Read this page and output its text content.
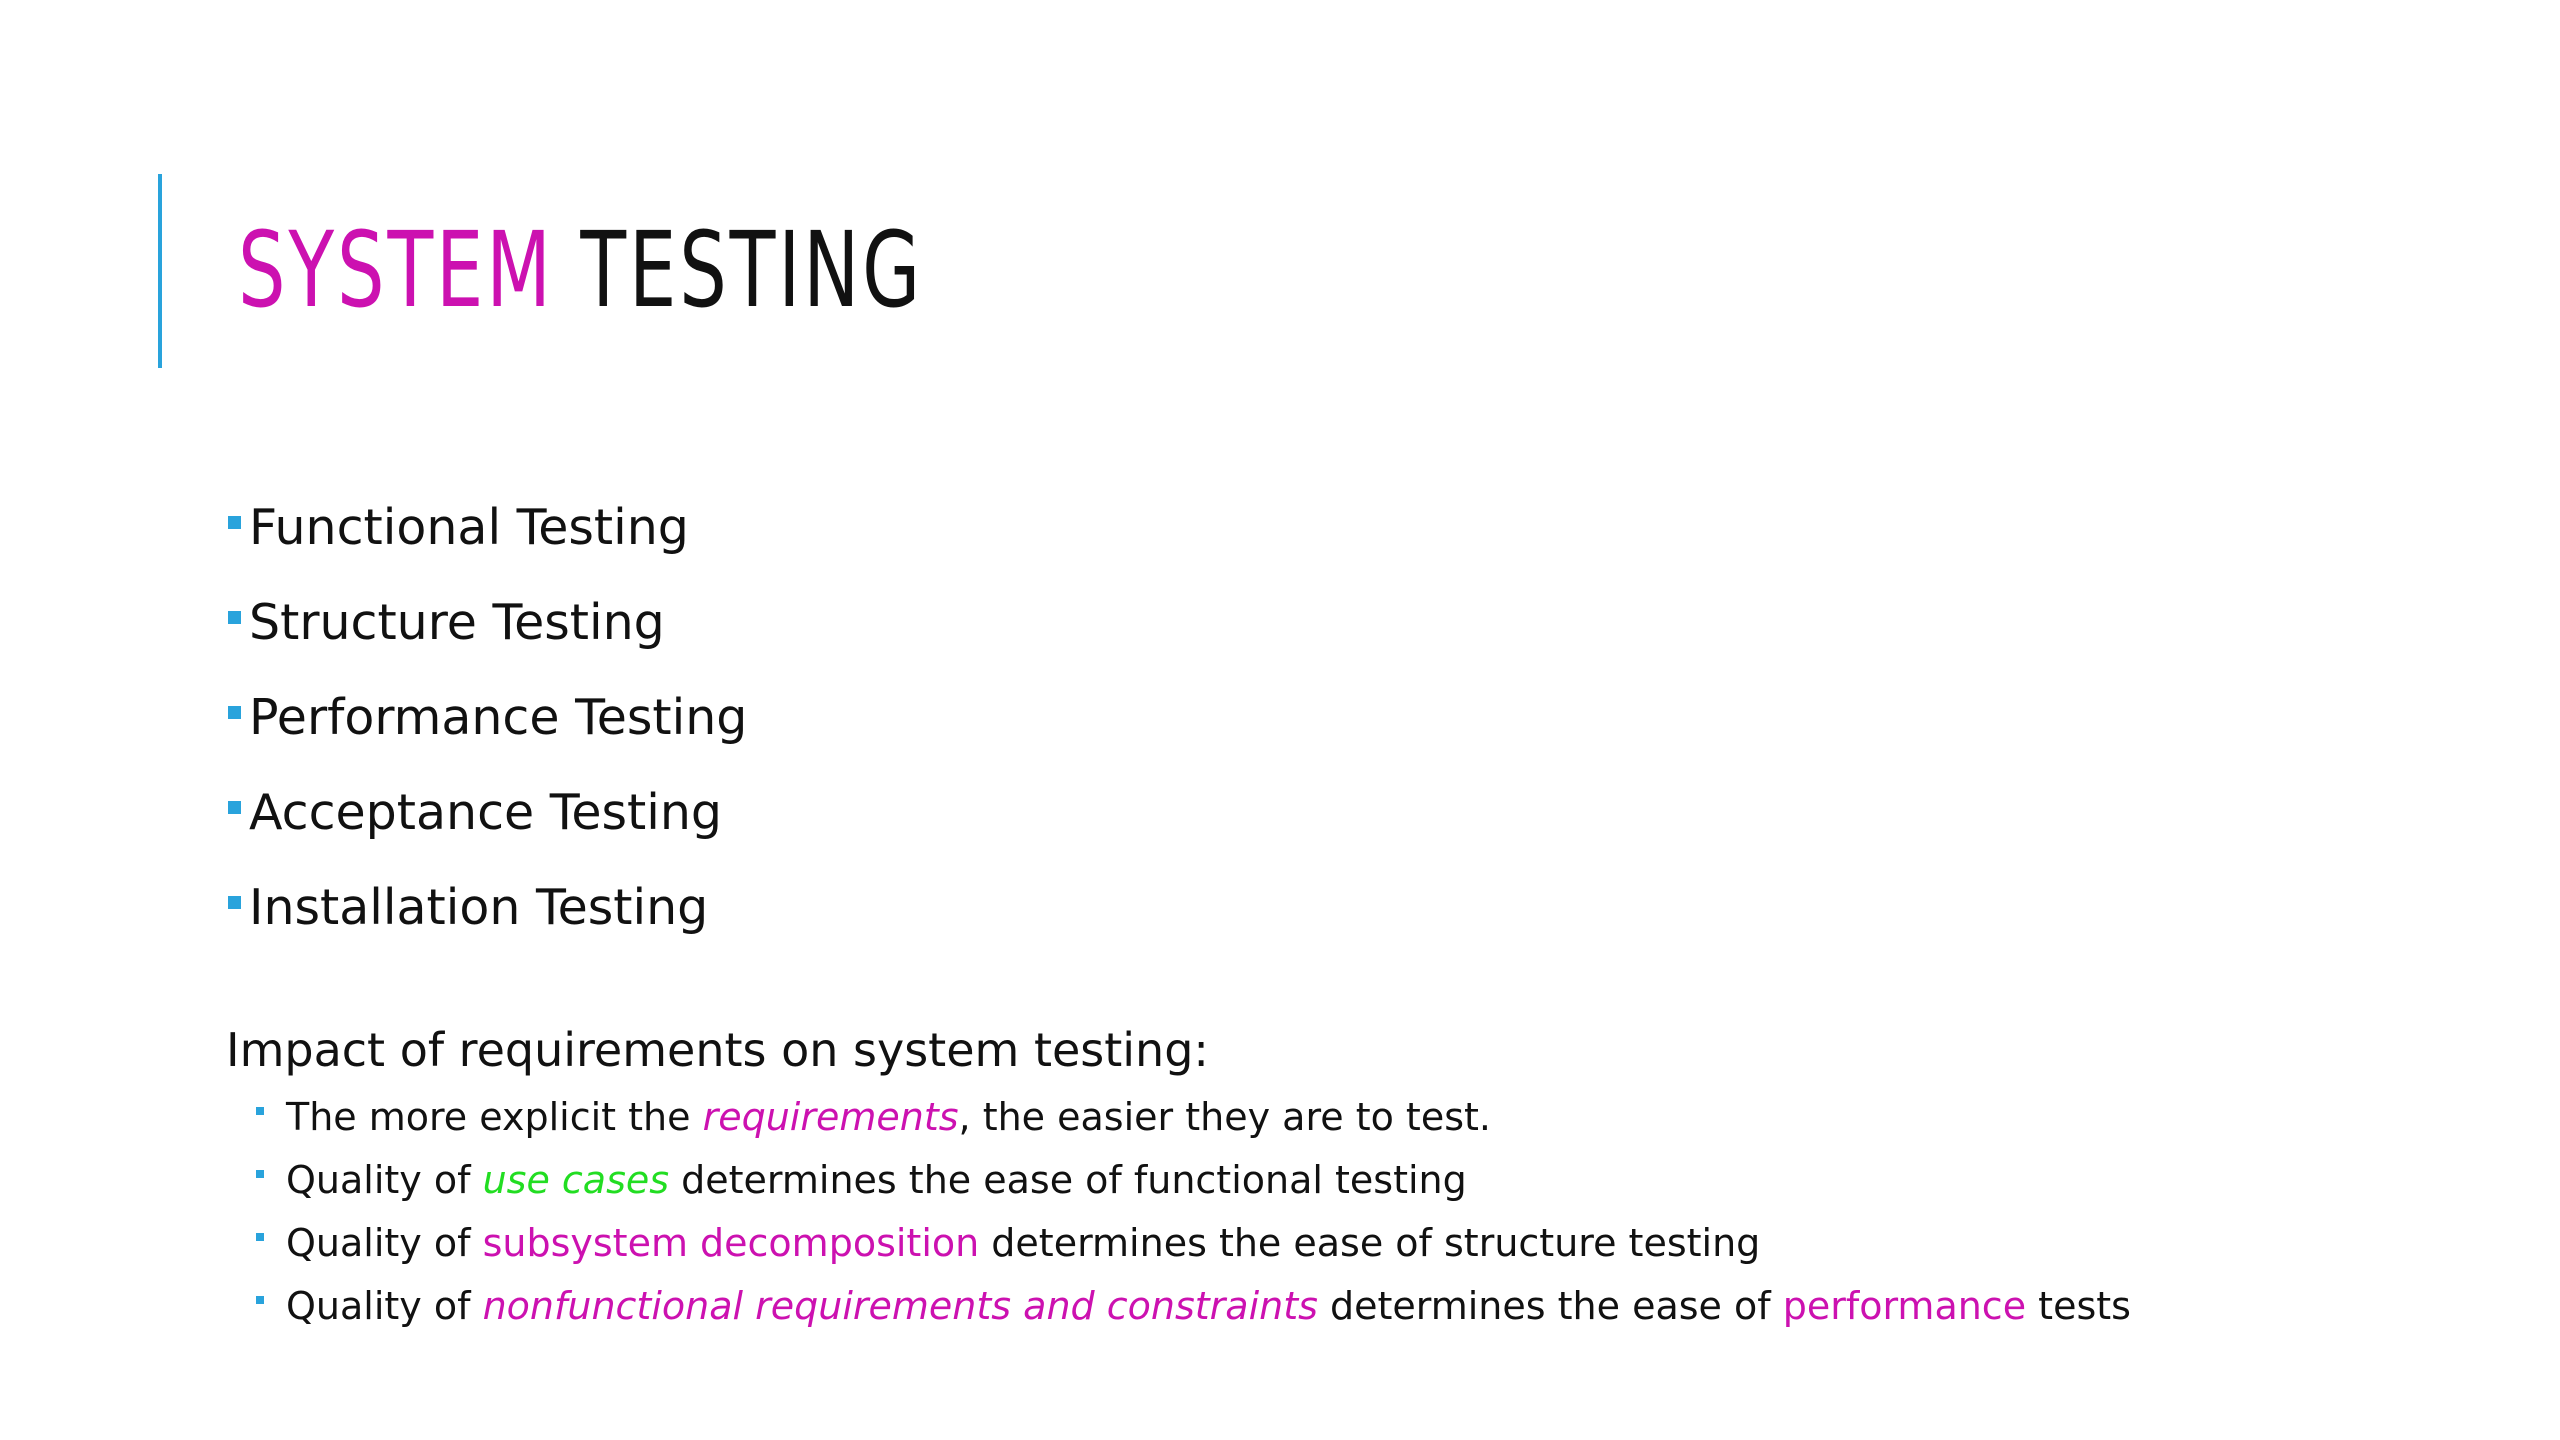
SYSTEM TESTING
Functional Testing
Structure Testing
Performance Testing
Acceptance Testing
Installation Testing

Impact of requirements on system testing:

The more explicit the requirements, the easier they are to test.
Quality of use cases determines the ease of functional testing
Quality of subsystem decomposition determines the ease of structure testing
Quality of nonfunctional requirements and constraints determines the ease of performance tests
